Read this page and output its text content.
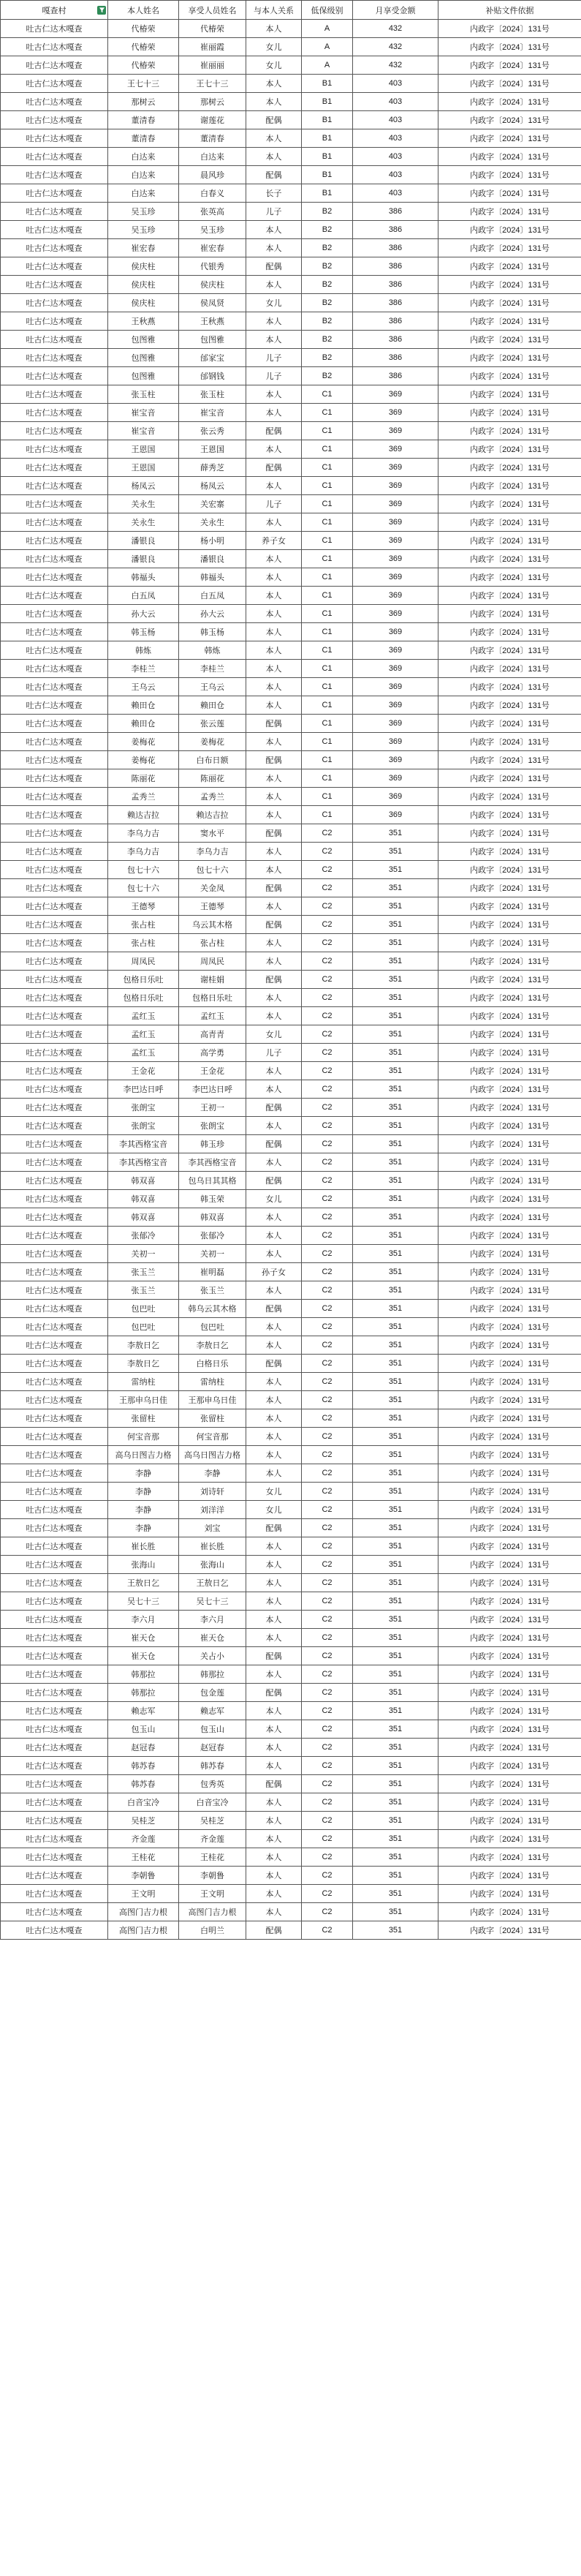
嘎查村	本人姓名	享受人员姓名	与本人关系	低保级别	月享受金额	补贴文件依据
吐古仁达木嘎查	代椿荣	代椿荣	本人	A	432	内政字〔2024〕131号
吐古仁达木嘎查	代椿荣	崔丽霞	女儿	A	432	内政字〔2024〕131号
吐古仁达木嘎查	代椿荣	崔丽丽	女儿	A	432	内政字〔2024〕131号
吐古仁达木嘎查	王七十三	王七十三	本人	B1	403	内政字〔2024〕131号
吐古仁达木嘎查	那树云	那树云	本人	B1	403	内政字〔2024〕131号
吐古仁达木嘎查	董清春	谢莲花	配偶	B1	403	内政字〔2024〕131号
吐古仁达木嘎查	董清春	董清春	本人	B1	403	内政字〔2024〕131号
吐古仁达木嘎查	白达来	白达来	本人	B1	403	内政字〔2024〕131号
吐古仁达木嘎查	白达来	晨风珍	配偶	B1	403	内政字〔2024〕131号
吐古仁达木嘎查	白达来	白春义	长子	B1	403	内政字〔2024〕131号
吐古仁达木嘎查	吴玉珍	张英高	儿子	B2	386	内政字〔2024〕131号
吐古仁达木嘎查	吴玉珍	吴玉珍	本人	B2	386	内政字〔2024〕131号
吐古仁达木嘎查	崔宏春	崔宏春	本人	B2	386	内政字〔2024〕131号
吐古仁达木嘎查	侯庆柱	代银秀	配偶	B2	386	内政字〔2024〕131号
吐古仁达木嘎查	侯庆柱	侯庆柱	本人	B2	386	内政字〔2024〕131号
吐古仁达木嘎查	侯庆柱	侯凤贤	女儿	B2	386	内政字〔2024〕131号
吐古仁达木嘎查	王秋燕	王秋燕	本人	B2	386	内政字〔2024〕131号
吐古仁达木嘎查	包图雅	包图雅	本人	B2	386	内政字〔2024〕131号
吐古仁达木嘎查	包图雅	邰家宝	儿子	B2	386	内政字〔2024〕131号
吐古仁达木嘎查	包图雅	邰钢钱	儿子	B2	386	内政字〔2024〕131号
吐古仁达木嘎查	张玉柱	张玉柱	本人	C1	369	内政字〔2024〕131号
吐古仁达木嘎查	崔宝音	崔宝音	本人	C1	369	内政字〔2024〕131号
吐古仁达木嘎查	崔宝音	张云秀	配偶	C1	369	内政字〔2024〕131号
吐古仁达木嘎查	王恩国	王恩国	本人	C1	369	内政字〔2024〕131号
吐古仁达木嘎查	王恩国	薛秀芝	配偶	C1	369	内政字〔2024〕131号
吐古仁达木嘎查	杨凤云	杨凤云	本人	C1	369	内政字〔2024〕131号
吐古仁达木嘎查	关永生	关宏寨	儿子	C1	369	内政字〔2024〕131号
吐古仁达木嘎查	关永生	关永生	本人	C1	369	内政字〔2024〕131号
吐古仁达木嘎查	潘银良	杨小明	养子女	C1	369	内政字〔2024〕131号
吐古仁达木嘎查	潘银良	潘银良	本人	C1	369	内政字〔2024〕131号
吐古仁达木嘎查	韩福头	韩福头	本人	C1	369	内政字〔2024〕131号
吐古仁达木嘎查	白五凤	白五凤	本人	C1	369	内政字〔2024〕131号
吐古仁达木嘎查	孙大云	孙大云	本人	C1	369	内政字〔2024〕131号
吐古仁达木嘎查	韩玉杨	韩玉杨	本人	C1	369	内政字〔2024〕131号
吐古仁达木嘎查	韩炼	韩炼	本人	C1	369	内政字〔2024〕131号
吐古仁达木嘎查	李桂兰	李桂兰	本人	C1	369	内政字〔2024〕131号
吐古仁达木嘎查	王乌云	王乌云	本人	C1	369	内政字〔2024〕131号
吐古仁达木嘎查	赖田仓	赖田仓	本人	C1	369	内政字〔2024〕131号
吐古仁达木嘎查	赖田仓	张云莲	配偶	C1	369	内政字〔2024〕131号
吐古仁达木嘎查	姜梅花	姜梅花	本人	C1	369	内政字〔2024〕131号
吐古仁达木嘎查	姜梅花	白布日额	配偶	C1	369	内政字〔2024〕131号
吐古仁达木嘎查	陈丽花	陈丽花	本人	C1	369	内政字〔2024〕131号
吐古仁达木嘎查	孟秀兰	孟秀兰	本人	C1	369	内政字〔2024〕131号
吐古仁达木嘎查	赖达吉拉	赖达吉拉	本人	C1	369	内政字〔2024〕131号
吐古仁达木嘎查	李乌力吉	窦水平	配偶	C2	351	内政字〔2024〕131号
吐古仁达木嘎查	李乌力吉	李乌力吉	本人	C2	351	内政字〔2024〕131号
吐古仁达木嘎查	包七十六	包七十六	本人	C2	351	内政字〔2024〕131号
吐古仁达木嘎查	包七十六	关金凤	配偶	C2	351	内政字〔2024〕131号
吐古仁达木嘎查	王德琴	王德琴	本人	C2	351	内政字〔2024〕131号
吐古仁达木嘎查	张占柱	乌云其木格	配偶	C2	351	内政字〔2024〕131号
吐古仁达木嘎查	张占柱	张占柱	本人	C2	351	内政字〔2024〕131号
吐古仁达木嘎查	周凤民	周凤民	本人	C2	351	内政字〔2024〕131号
吐古仁达木嘎查	包格日乐吐	谢桂娟	配偶	C2	351	内政字〔2024〕131号
吐古仁达木嘎查	包格日乐吐	包格日乐吐	本人	C2	351	内政字〔2024〕131号
吐古仁达木嘎查	孟红玉	孟红玉	本人	C2	351	内政字〔2024〕131号
吐古仁达木嘎查	孟红玉	高青青	女儿	C2	351	内政字〔2024〕131号
吐古仁达木嘎查	孟红玉	高学勇	儿子	C2	351	内政字〔2024〕131号
吐古仁达木嘎查	王金花	王金花	本人	C2	351	内政字〔2024〕131号
吐古仁达木嘎查	李巴达日呼	李巴达日呼	本人	C2	351	内政字〔2024〕131号
吐古仁达木嘎查	张朗宝	王初一	配偶	C2	351	内政字〔2024〕131号
吐古仁达木嘎查	张朗宝	张朗宝	本人	C2	351	内政字〔2024〕131号
吐古仁达木嘎查	李其西格宝音	韩玉珍	配偶	C2	351	内政字〔2024〕131号
吐古仁达木嘎查	李其西格宝音	李其西格宝音	本人	C2	351	内政字〔2024〕131号
吐古仁达木嘎查	韩双喜	包乌日其其格	配偶	C2	351	内政字〔2024〕131号
吐古仁达木嘎查	韩双喜	韩玉荣	女儿	C2	351	内政字〔2024〕131号
吐古仁达木嘎查	韩双喜	韩双喜	本人	C2	351	内政字〔2024〕131号
吐古仁达木嘎查	张郁冷	张郁冷	本人	C2	351	内政字〔2024〕131号
吐古仁达木嘎查	关初一	关初一	本人	C2	351	内政字〔2024〕131号
吐古仁达木嘎查	张玉兰	崔明磊	孙子女	C2	351	内政字〔2024〕131号
吐古仁达木嘎查	张玉兰	张玉兰	本人	C2	351	内政字〔2024〕131号
吐古仁达木嘎查	包巴吐	韩乌云其木格	配偶	C2	351	内政字〔2024〕131号
吐古仁达木嘎查	包巴吐	包巴吐	本人	C2	351	内政字〔2024〕131号
吐古仁达木嘎查	李敖日乞	李敖日乞	本人	C2	351	内政字〔2024〕131号
吐古仁达木嘎查	李敖日乞	白格日乐	配偶	C2	351	内政字〔2024〕131号
吐古仁达木嘎查	雷纳柱	雷纳柱	本人	C2	351	内政字〔2024〕131号
吐古仁达木嘎查	王那申乌日佳	王那申乌日佳	本人	C2	351	内政字〔2024〕131号
吐古仁达木嘎查	张留柱	张留柱	本人	C2	351	内政字〔2024〕131号
吐古仁达木嘎查	何宝音那	何宝音那	本人	C2	351	内政字〔2024〕131号
吐古仁达木嘎查	高乌日图吉力格	高乌日图吉力格	本人	C2	351	内政字〔2024〕131号
吐古仁达木嘎查	李静	李静	本人	C2	351	内政字〔2024〕131号
吐古仁达木嘎查	李静	刘诗轩	女儿	C2	351	内政字〔2024〕131号
吐古仁达木嘎查	李静	刘洋洋	女儿	C2	351	内政字〔2024〕131号
吐古仁达木嘎查	李静	刘宝	配偶	C2	351	内政字〔2024〕131号
吐古仁达木嘎查	崔长胜	崔长胜	本人	C2	351	内政字〔2024〕131号
吐古仁达木嘎查	张海山	张海山	本人	C2	351	内政字〔2024〕131号
吐古仁达木嘎查	王敖日乞	王敖日乞	本人	C2	351	内政字〔2024〕131号
吐古仁达木嘎查	吴七十三	吴七十三	本人	C2	351	内政字〔2024〕131号
吐古仁达木嘎查	李六月	李六月	本人	C2	351	内政字〔2024〕131号
吐古仁达木嘎查	崔天仓	崔天仓	本人	C2	351	内政字〔2024〕131号
吐古仁达木嘎查	崔天仓	关占小	配偶	C2	351	内政字〔2024〕131号
吐古仁达木嘎查	韩那拉	韩那拉	本人	C2	351	内政字〔2024〕131号
吐古仁达木嘎查	韩那拉	包金莲	配偶	C2	351	内政字〔2024〕131号
吐古仁达木嘎查	赖志军	赖志军	本人	C2	351	内政字〔2024〕131号
吐古仁达木嘎查	包玉山	包玉山	本人	C2	351	内政字〔2024〕131号
吐古仁达木嘎查	赵冠春	赵冠春	本人	C2	351	内政字〔2024〕131号
吐古仁达木嘎查	韩苏春	韩苏春	本人	C2	351	内政字〔2024〕131号
吐古仁达木嘎查	韩苏春	包秀英	配偶	C2	351	内政字〔2024〕131号
吐古仁达木嘎查	白音宝冷	白音宝冷	本人	C2	351	内政字〔2024〕131号
吐古仁达木嘎查	吴桂芝	吴桂芝	本人	C2	351	内政字〔2024〕131号
吐古仁达木嘎查	齐金莲	齐金莲	本人	C2	351	内政字〔2024〕131号
吐古仁达木嘎查	王桂花	王桂花	本人	C2	351	内政字〔2024〕131号
吐古仁达木嘎查	李朝鲁	李朝鲁	本人	C2	351	内政字〔2024〕131号
吐古仁达木嘎查	王文明	王文明	本人	C2	351	内政字〔2024〕131号
吐古仁达木嘎查	高图门吉力根	高图门吉力根	本人	C2	351	内政字〔2024〕131号
吐古仁达木嘎查	高图门吉力根	白明兰	配偶	C2	351	内政字〔2024〕131号
